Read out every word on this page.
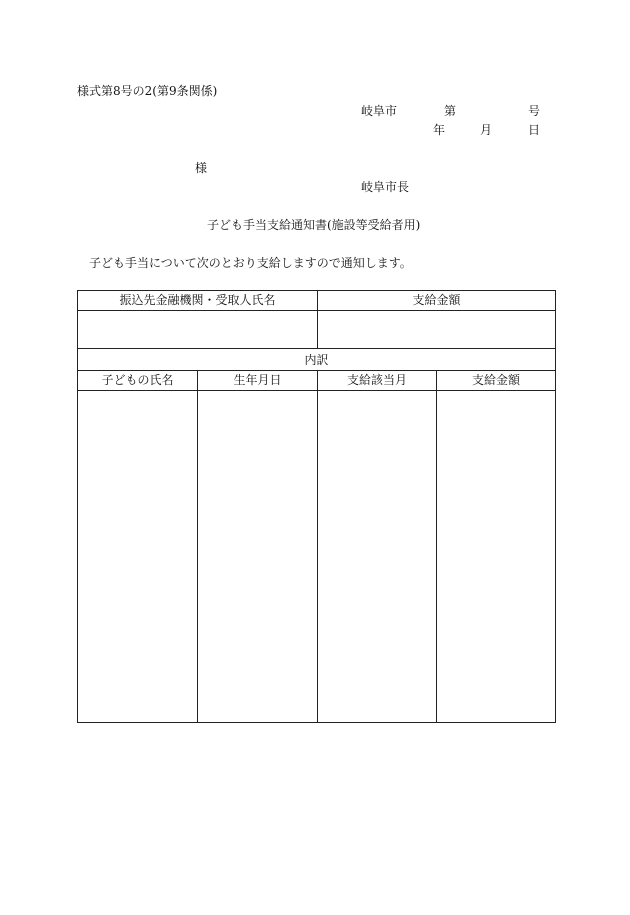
様式第8号の2(第9条関係)
岐阜市	第	号
年	月	日
様
岐阜市長
子ども手当支給通知書(施設等受給者用)
子ども手当について次のとおり支給しますので通知します。
振込先金融機関・受取人氏名	支給金額
内訳
子どもの氏名	生年月日	支給該当月	支給金額
